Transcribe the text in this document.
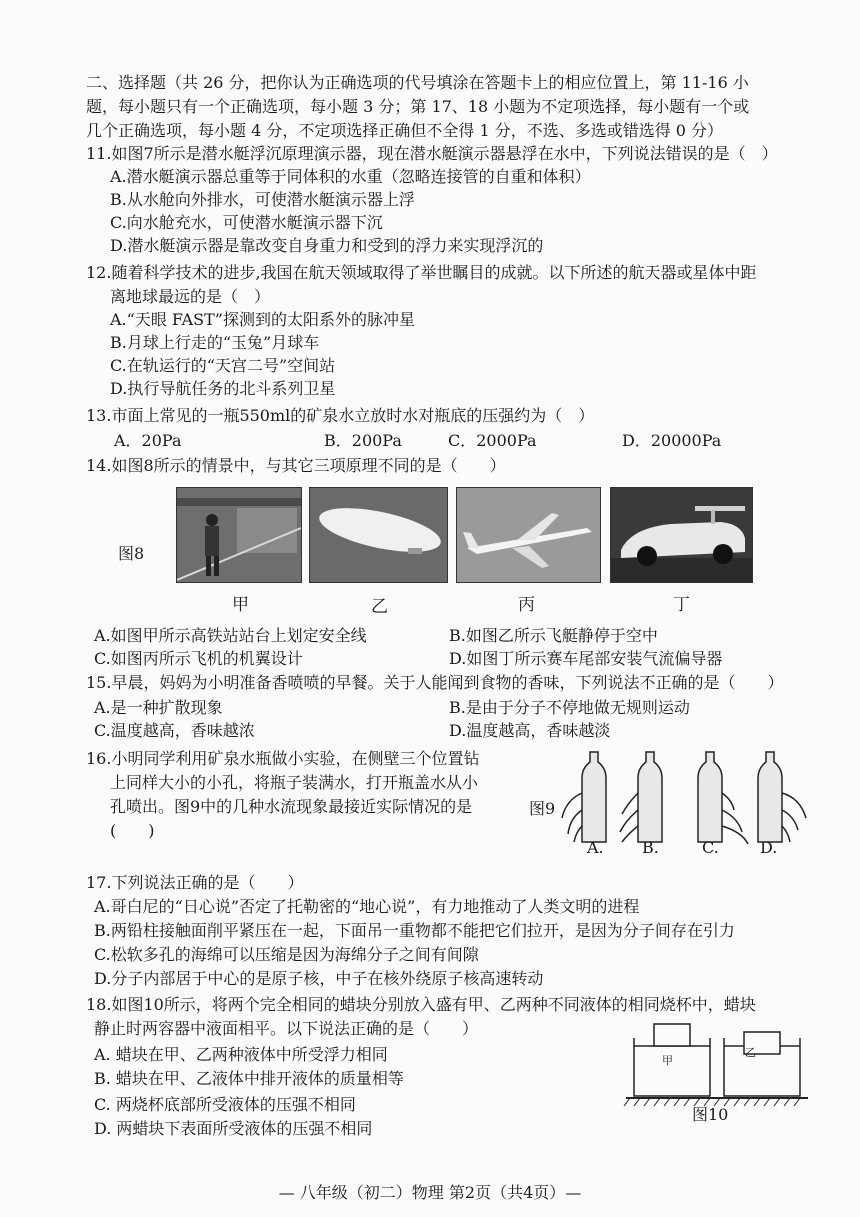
二、选择题（共 26 分，把你认为正确选项的代号填涂在答题卡上的相应位置上，第 11-16 小
题，每小题只有一个正确选项，每小题 3 分；第 17、18 小题为不定项选择，每小题有一个或
几个正确选项，每小题 4 分，不定项选择正确但不全得 1 分，不选、多选或错选得 0 分）
11.如图7所示是潜水艇浮沉原理演示器，现在潜水艇演示器悬浮在水中，下列说法错误的是（　）
A.潜水艇演示器总重等于同体积的水重（忽略连接管的自重和体积）
B.从水舱向外排水，可使潜水艇演示器上浮
C.向水舱充水，可使潜水艇演示器下沉
D.潜水艇演示器是靠改变自身重力和受到的浮力来实现浮沉的
12.随着科学技术的进步,我国在航天领域取得了举世瞩目的成就。以下所述的航天器或星体中距
离地球最远的是（　）
A.“天眼 FAST”探测到的太阳系外的脉冲星
B.月球上行走的“玉兔”月球车
C.在轨运行的“天宫二号”空间站
D.执行导航任务的北斗系列卫星
13.市面上常见的一瓶550ml的矿泉水立放时水对瓶底的压强约为（　）
A．20Pa	B．200Pa	C．2000Pa	D．20000Pa
14.如图8所示的情景中，与其它三项原理不同的是（　　）
图8
甲	乙	丙	丁
A.如图甲所示高铁站站台上划定安全线	B.如图乙所示飞艇静停于空中
C.如图丙所示飞机的机翼设计	D.如图丁所示赛车尾部安装气流偏导器
15.早晨，妈妈为小明准备香喷喷的早餐。关于人能闻到食物的香味，下列说法不正确的是（　　）
A.是一种扩散现象	B.是由于分子不停地做无规则运动
C.温度越高，香味越浓	D.温度越高，香味越淡
16.小明同学利用矿泉水瓶做小实验，在侧壁三个位置钻
上同样大小的小孔，将瓶子装满水，打开瓶盖水从小
孔喷出。图9中的几种水流现象最接近实际情况的是
(　　)
图9
A. B.	C.	D.
17.下列说法正确的是（　　）
A.哥白尼的“日心说”否定了托勒密的“地心说”，有力地推动了人类文明的进程
B.两铅柱接触面削平紧压在一起，下面吊一重物都不能把它们拉开，是因为分子间存在引力
C.松软多孔的海绵可以压缩是因为海绵分子之间有间隙
D.分子内部居于中心的是原子核，中子在核外绕原子核高速转动
18.如图10所示，将两个完全相同的蜡块分别放入盛有甲、乙两种不同液体的相同烧杯中，蜡块
静止时两容器中液面相平。以下说法正确的是（　　）
A. 蜡块在甲、乙两种液体中所受浮力相同
B. 蜡块在甲、乙液体中排开液体的质量相等
C. 两烧杯底部所受液体的压强不相同
D. 两蜡块下表面所受液体的压强不相同
甲
乙
图10
— 八年级（初二）物理 第2页（共4页）—
